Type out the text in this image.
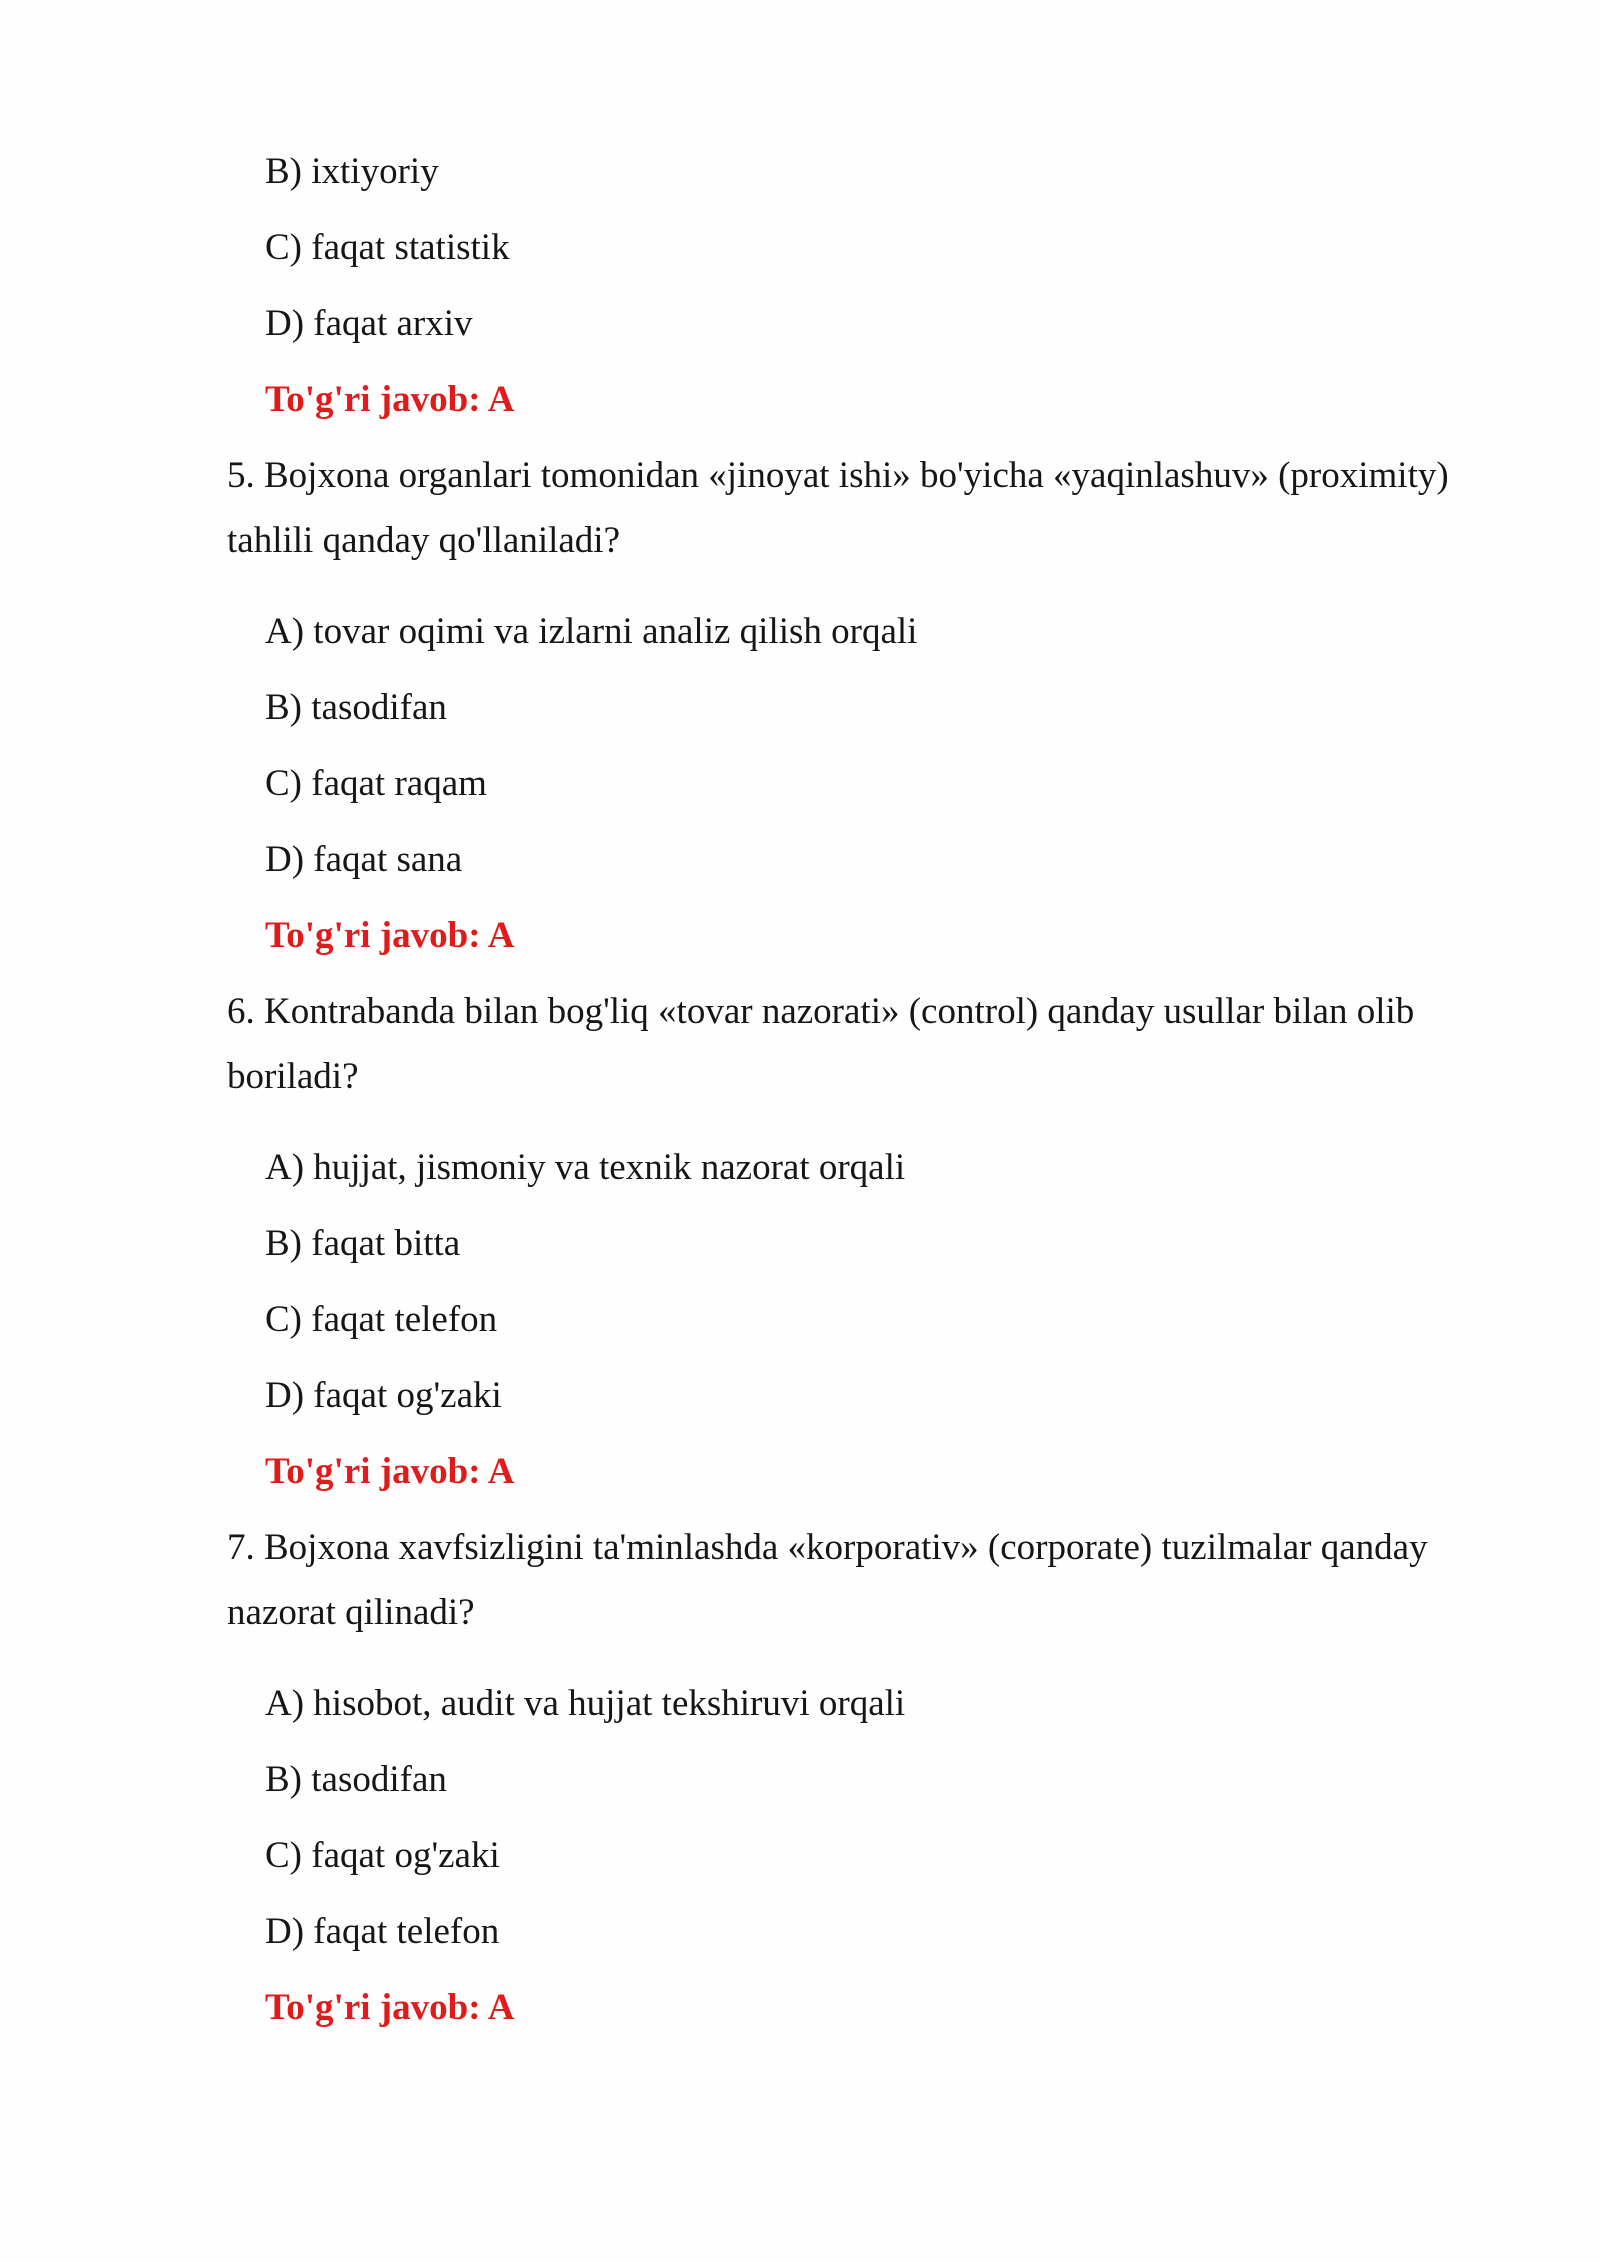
B) ixtiyoriy

C) faqat statistik

D) faqat arxiv

To'g'ri javob: A

5. Bojxona organlari tomonidan «jinoyat ishi» bo'yicha «yaqinlashuv» (proximity)

tahlili qanday qo'llaniladi?

A) tovar oqimi va izlarni analiz qilish orqali

B) tasodifan

C) faqat raqam

D) faqat sana

To'g'ri javob: A

6. Kontrabanda bilan bog'liq «tovar nazorati» (control) qanday usullar bilan olib

boriladi?

A) hujjat, jismoniy va texnik nazorat orqali

B) faqat bitta

C) faqat telefon

D) faqat og'zaki

To'g'ri javob: A

7. Bojxona xavfsizligini ta'minlashda «korporativ» (corporate) tuzilmalar qanday

nazorat qilinadi?

A) hisobot, audit va hujjat tekshiruvi orqali

B) tasodifan

C) faqat og'zaki

D) faqat telefon

To'g'ri javob: A
